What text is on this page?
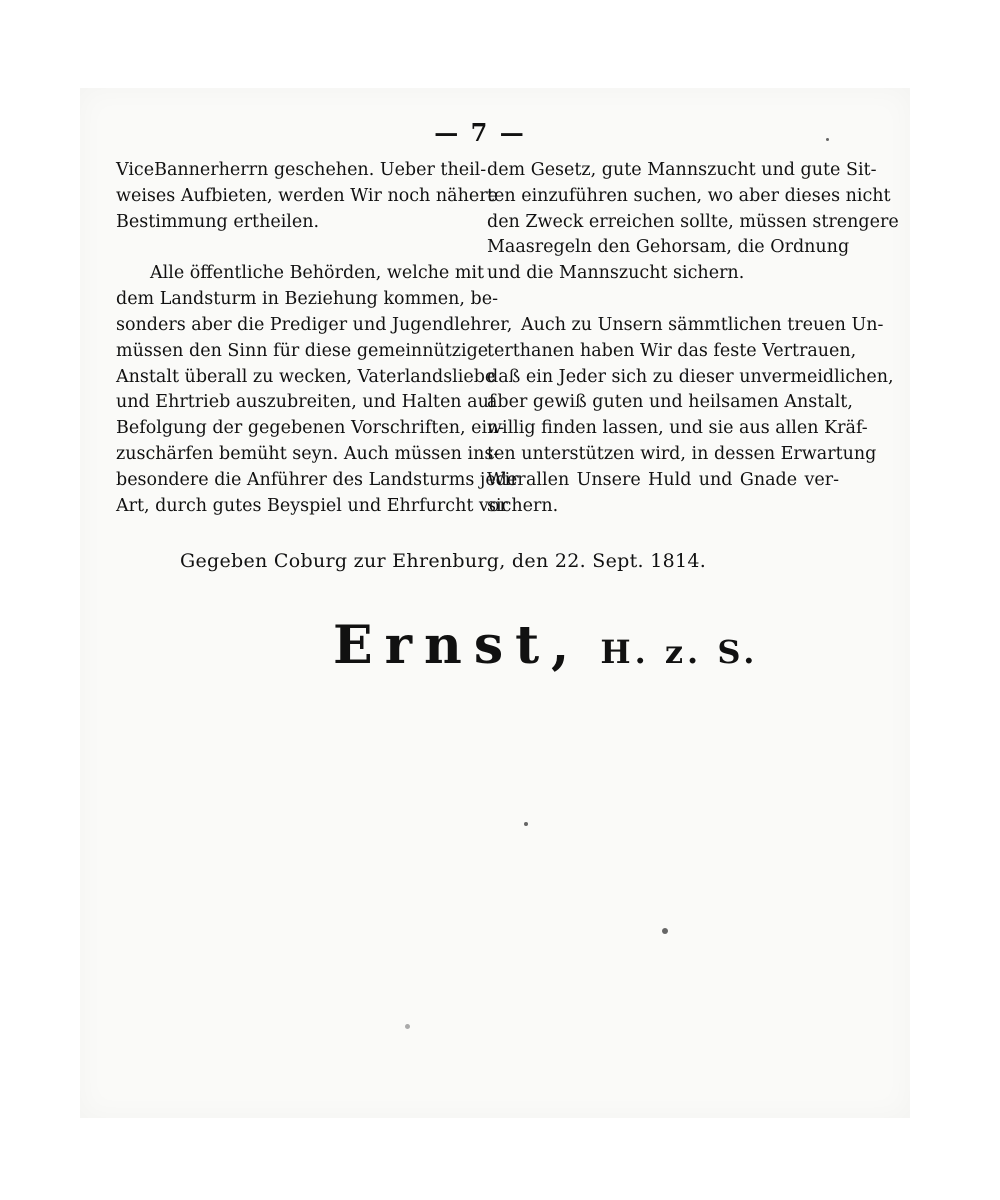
— 7 —
ViceBannerherrn geschehen. Ueber theil-
weises Aufbieten, werden Wir noch nähere
Bestimmung ertheilen.
Alle öffentliche Behörden, welche mit
dem Landsturm in Beziehung kommen, be-
sonders aber die Prediger und Jugendlehrer,
müssen den Sinn für diese gemeinnützige
Anstalt überall zu wecken, Vaterlandsliebe
und Ehrtrieb auszubreiten, und Halten auf
Befolgung der gegebenen Vorschriften, ein-
zuschärfen bemüht seyn. Auch müssen ins-
besondere die Anführer des Landsturms jeder
Art, durch gutes Beyspiel und Ehrfurcht vor
dem Gesetz, gute Mannszucht und gute Sit-
ten einzuführen suchen, wo aber dieses nicht
den Zweck erreichen sollte, müssen strengere
Maasregeln den Gehorsam, die Ordnung
und die Mannszucht sichern.
Auch zu Unsern sämmtlichen treuen Un-
terthanen haben Wir das feste Vertrauen,
daß ein Jeder sich zu dieser unvermeidlichen,
aber gewiß guten und heilsamen Anstalt,
willig finden lassen, und sie aus allen Kräf-
ten unterstützen wird, in dessen Erwartung
Wir allen Unsere Huld und Gnade ver-
sichern.
Gegeben Coburg zur Ehrenburg, den 22. Sept. 1814.
Ernst, H. z. S.
